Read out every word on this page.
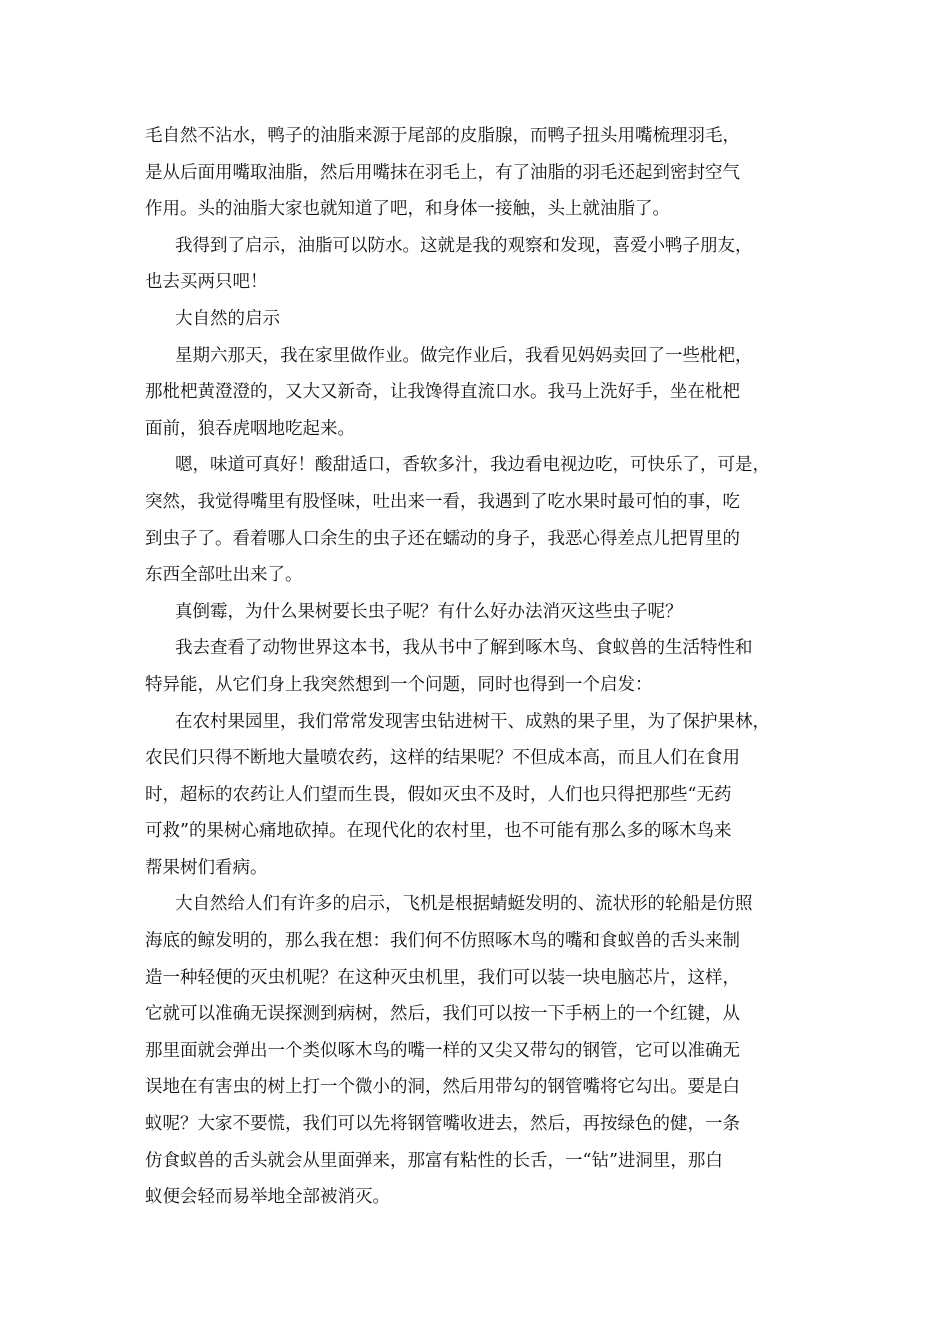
毛自然不沾水，鸭子的油脂来源于尾部的皮脂腺，而鸭子扭头用嘴梳理羽毛，
是从后面用嘴取油脂，然后用嘴抹在羽毛上，有了油脂的羽毛还起到密封空气
作用。头的油脂大家也就知道了吧，和身体一接触，头上就油脂了。
我得到了启示，油脂可以防水。这就是我的观察和发现，喜爱小鸭子朋友，
也去买两只吧！
大自然的启示
星期六那天，我在家里做作业。做完作业后，我看见妈妈卖回了一些枇杷，
那枇杷黄澄澄的，又大又新奇，让我馋得直流口水。我马上洗好手，坐在枇杷
面前，狼吞虎咽地吃起来。
嗯，味道可真好！酸甜适口，香软多汁，我边看电视边吃，可快乐了，可是，
突然，我觉得嘴里有股怪味，吐出来一看，我遇到了吃水果时最可怕的事，吃
到虫子了。看着哪人口余生的虫子还在蠕动的身子，我恶心得差点儿把胃里的
东西全部吐出来了。
真倒霉，为什么果树要长虫子呢？有什么好办法消灭这些虫子呢？
我去查看了动物世界这本书，我从书中了解到啄木鸟、食蚁兽的生活特性和
特异能，从它们身上我突然想到一个问题，同时也得到一个启发：
在农村果园里，我们常常发现害虫钻进树干、成熟的果子里，为了保护果林，
农民们只得不断地大量喷农药，这样的结果呢？不但成本高，而且人们在食用
时，超标的农药让人们望而生畏，假如灭虫不及时，人们也只得把那些“无药
可救”的果树心痛地砍掉。在现代化的农村里，也不可能有那么多的啄木鸟来
帮果树们看病。
大自然给人们有许多的启示，飞机是根据蜻蜓发明的、流状形的轮船是仿照
海底的鲸发明的，那么我在想：我们何不仿照啄木鸟的嘴和食蚁兽的舌头来制
造一种轻便的灭虫机呢？在这种灭虫机里，我们可以装一块电脑芯片，这样，
它就可以准确无误探测到病树，然后，我们可以按一下手柄上的一个红键，从
那里面就会弹出一个类似啄木鸟的嘴一样的又尖又带勾的钢管，它可以准确无
误地在有害虫的树上打一个微小的洞，然后用带勾的钢管嘴将它勾出。要是白
蚁呢？大家不要慌，我们可以先将钢管嘴收进去，然后，再按绿色的健，一条
仿食蚁兽的舌头就会从里面弹来，那富有粘性的长舌，一“钻”进洞里，那白
蚁便会轻而易举地全部被消灭。
